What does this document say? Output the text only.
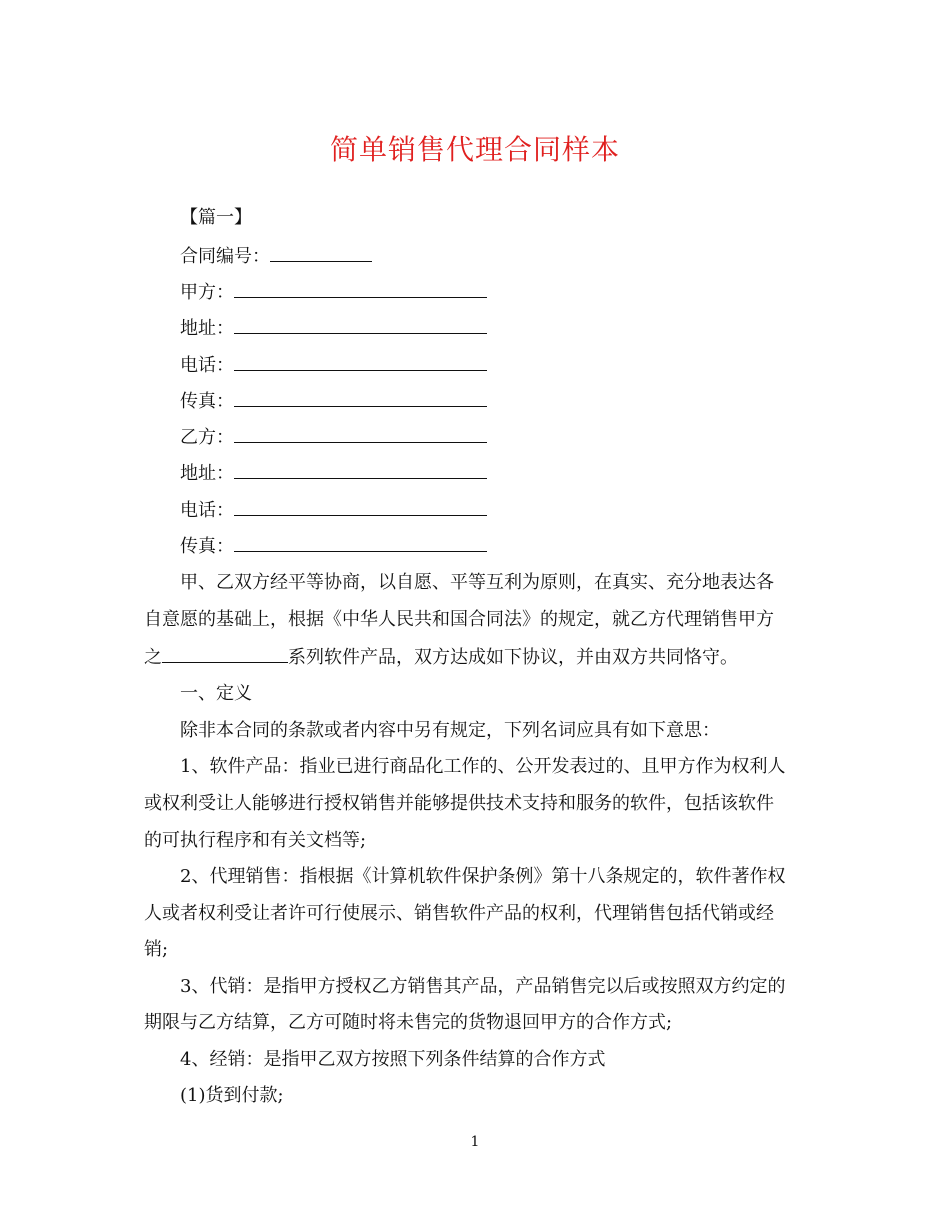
简单销售代理合同样本
【篇一】
合同编号：
甲方：
地址：
电话：
传真：
乙方：
地址：
电话：
传真：
甲、乙双方经平等协商，以自愿、平等互利为原则，在真实、充分地表达各
自意愿的基础上，根据《中华人民共和国合同法》的规定，就乙方代理销售甲方
之	系列软件产品，双方达成如下协议，并由双方共同恪守。
一、定义
除非本合同的条款或者内容中另有规定，下列名词应具有如下意思：
1、软件产品：指业已进行商品化工作的、公开发表过的、且甲方作为权利人
或权利受让人能够进行授权销售并能够提供技术支持和服务的软件，包括该软件
的可执行程序和有关文档等;
2、代理销售：指根据《计算机软件保护条例》第十八条规定的，软件著作权
人或者权利受让者许可行使展示、销售软件产品的权利，代理销售包括代销或经
销;
3、代销：是指甲方授权乙方销售其产品，产品销售完以后或按照双方约定的
期限与乙方结算，乙方可随时将未售完的货物退回甲方的合作方式;
4、经销：是指甲乙双方按照下列条件结算的合作方式
(1)货到付款;
1
